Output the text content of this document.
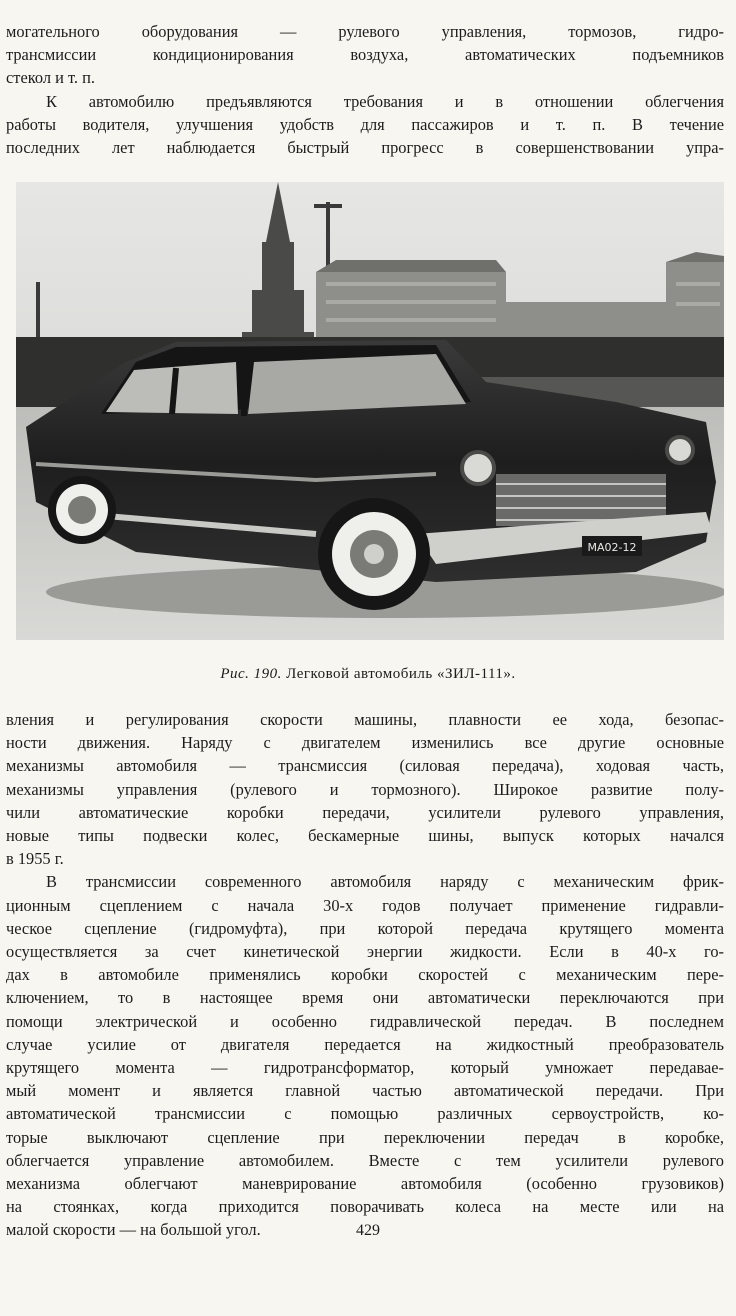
могательного оборудования — рулевого управления, тормозов, гидро-
трансмиссии кондиционирования воздуха, автоматических подъемников
стекол и т. п.
К автомобилю предъявляются требования и в отношении облегчения
работы водителя, улучшения удобств для пассажиров и т. п. В течение
последних лет наблюдается быстрый прогресс в совершенствовании упра-
МА02-12
Рис. 190. Легковой автомобиль «ЗИЛ-111».
вления и регулирования скорости машины, плавности ее хода, безопас-
ности движения. Наряду с двигателем изменились все другие основные
механизмы автомобиля — трансмиссия (силовая передача), ходовая часть,
механизмы управления (рулевого и тормозного). Широкое развитие полу-
чили автоматические коробки передачи, усилители рулевого управления,
новые типы подвески колес, бескамерные шины, выпуск которых начался
в 1955 г.
В трансмиссии современного автомобиля наряду с механическим фрик-
ционным сцеплением с начала 30-х годов получает применение гидравли-
ческое сцепление (гидромуфта), при которой передача крутящего момента
осуществляется за счет кинетической энергии жидкости. Если в 40-х го-
дах в автомобиле применялись коробки скоростей с механическим пере-
ключением, то в настоящее время они автоматически переключаются при
помощи электрической и особенно гидравлической передач. В последнем
случае усилие от двигателя передается на жидкостный преобразователь
крутящего момента — гидротрансформатор, который умножает передавае-
мый момент и является главной частью автоматической передачи. При
автоматической трансмиссии с помощью различных сервоустройств, ко-
торые выключают сцепление при переключении передач в коробке,
облегчается управление автомобилем. Вместе с тем усилители рулевого
механизма облегчают маневрирование автомобиля (особенно грузовиков)
на стоянках, когда приходится поворачивать колеса на месте или на
малой скорости — на большой угол.	429
